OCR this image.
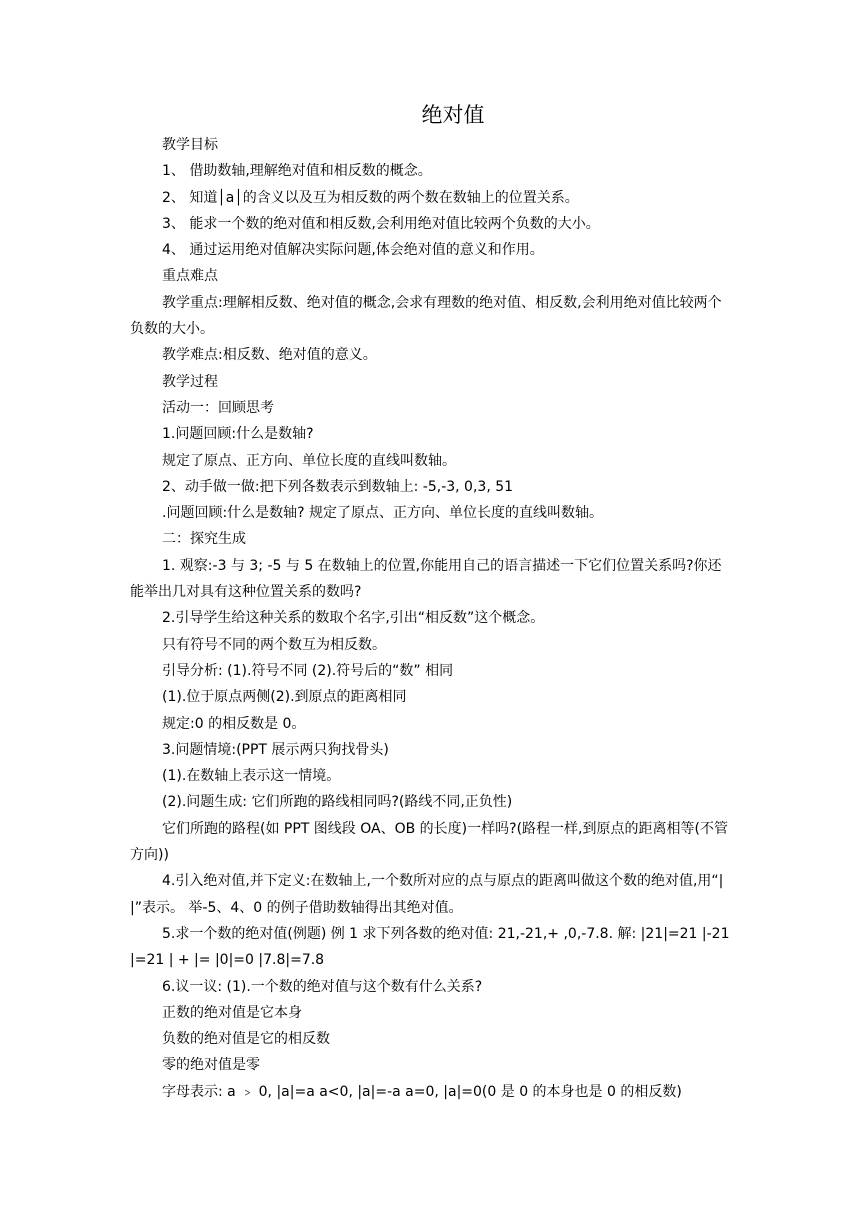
绝对值

教学目标

1、 借助数轴,理解绝对值和相反数的概念。

2、 知道│a│的含义以及互为相反数的两个数在数轴上的位置关系。

3、 能求一个数的绝对值和相反数,会利用绝对值比较两个负数的大小。

4、 通过运用绝对值解决实际问题,体会绝对值的意义和作用。

重点难点

教学重点:理解相反数、绝对值的概念,会求有理数的绝对值、相反数,会利用绝对值比较两个负数的大小。

教学难点:相反数、绝对值的意义。

教学过程

活动一：回顾思考

1.问题回顾:什么是数轴?

规定了原点、正方向、单位长度的直线叫数轴。

2、动手做一做:把下列各数表示到数轴上: -5,-3, 0,3, 51

.问题回顾:什么是数轴? 规定了原点、正方向、单位长度的直线叫数轴。

二：探究生成

1. 观察:-3 与 3; -5 与 5 在数轴上的位置,你能用自己的语言描述一下它们位置关系吗?你还能举出几对具有这种位置关系的数吗?

2.引导学生给这种关系的数取个名字,引出“相反数”这个概念。

只有符号不同的两个数互为相反数。

引导分析: (1).符号不同 (2).符号后的“数” 相同

(1).位于原点两侧(2).到原点的距离相同

规定:0 的相反数是 0。

3.问题情境:(PPT 展示两只狗找骨头)

(1).在数轴上表示这一情境。

(2).问题生成: 它们所跑的路线相同吗?(路线不同,正负性)

它们所跑的路程(如 PPT 图线段 OA、OB 的长度)一样吗?(路程一样,到原点的距离相等(不管方向))

4.引入绝对值,并下定义:在数轴上,一个数所对应的点与原点的距离叫做这个数的绝对值,用“| |”表示。 举-5、4、0 的例子借助数轴得出其绝对值。

5.求一个数的绝对值(例题) 例 1 求下列各数的绝对值: 21,-21,+ ,0,-7.8. 解: |21|=21 |-21|=21 | + |= |0|=0 |7.8|=7.8

6.议一议: (1).一个数的绝对值与这个数有什么关系?

正数的绝对值是它本身

负数的绝对值是它的相反数

零的绝对值是零

字母表示: a ﹥ 0, |a|=a a<0, |a|=-a a=0, |a|=0(0 是 0 的本身也是 0 的相反数)
